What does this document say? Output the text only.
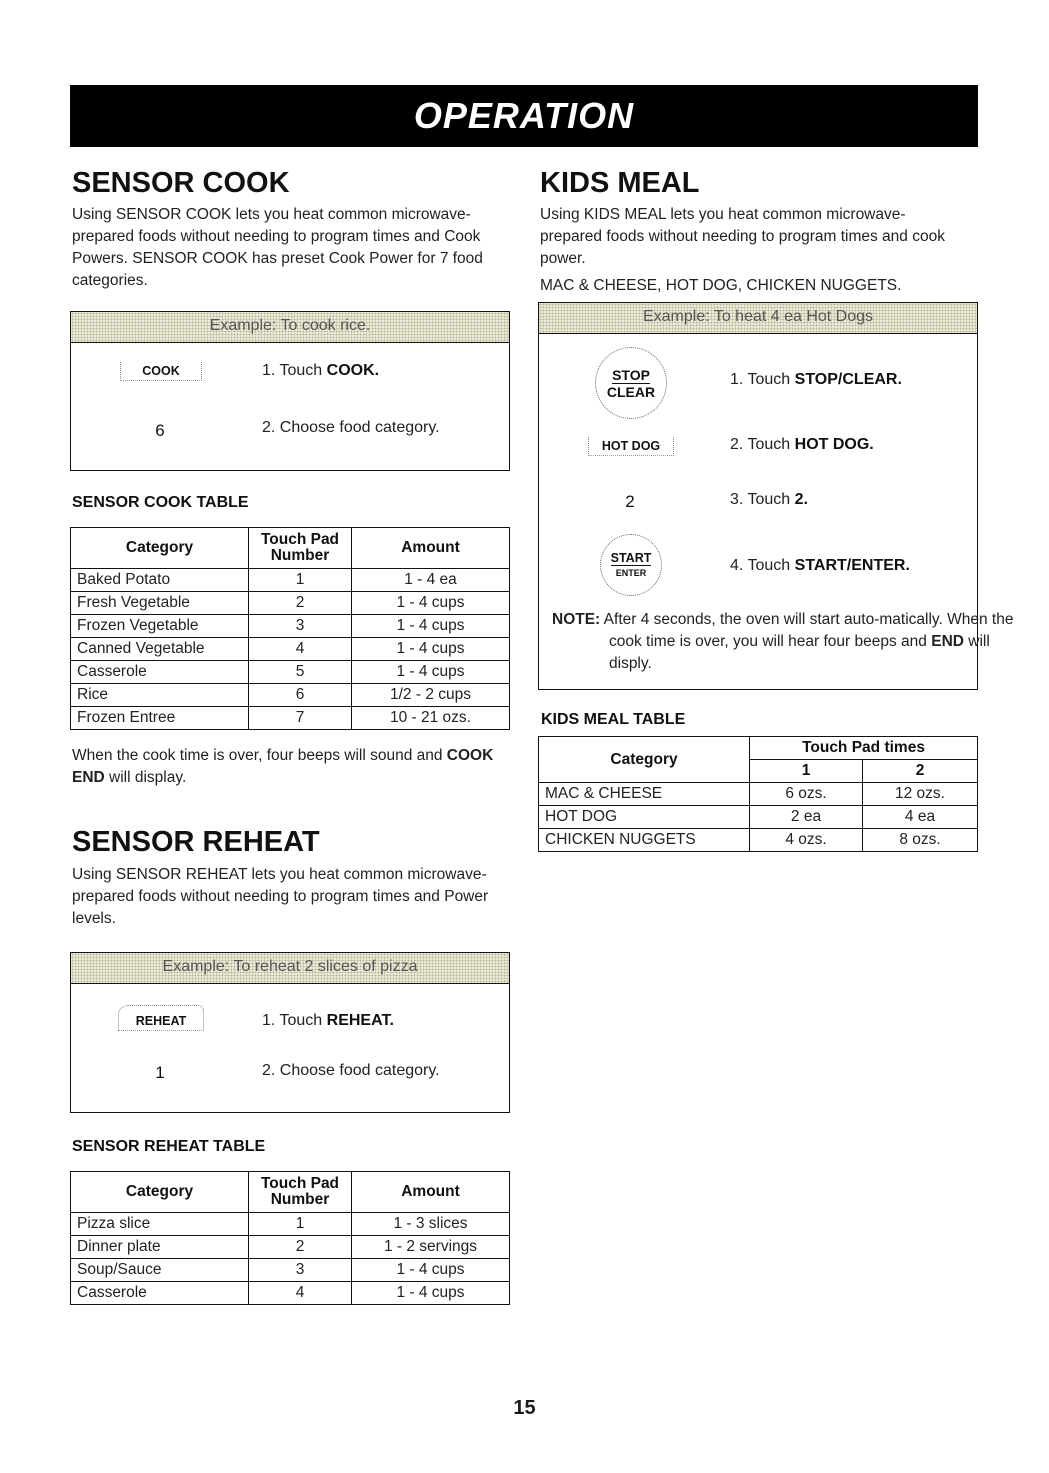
OPERATION
SENSOR COOK

Using SENSOR COOK lets you heat common microwave-prepared foods without needing to program times and Cook Powers. SENSOR COOK has preset Cook Power for 7 food categories.

Example: To cook rice.
COOK	1. Touch COOK.
6	2. Choose food category.
SENSOR COOK TABLE
Category	Touch Pad Number	Amount
Baked Potato	1	1 - 4 ea
Fresh Vegetable	2	1 - 4 cups
Frozen Vegetable	3	1 - 4 cups
Canned Vegetable	4	1 - 4 cups
Casserole	5	1 - 4 cups
Rice	6	1/2 - 2 cups
Frozen Entree	7	10 - 21 ozs.

When the cook time is over, four beeps will sound and COOK END will display.

SENSOR REHEAT

Using SENSOR REHEAT lets you heat common microwave-prepared foods without needing to program times and Power levels.

Example: To reheat 2 slices of pizza
REHEAT	1. Touch REHEAT.
1	2. Choose food category.
SENSOR REHEAT TABLE
Category	Touch Pad Number	Amount
Pizza slice	1	1 - 3 slices
Dinner plate	2	1 - 2 servings
Soup/Sauce	3	1 - 4 cups
Casserole	4	1 - 4 cups
KIDS MEAL

Using KIDS MEAL lets you heat common microwave-prepared foods without needing to program times and cook power.

MAC & CHEESE, HOT DOG, CHICKEN NUGGETS.

Example: To heat 4 ea Hot Dogs
STOP
CLEAR
1. Touch STOP/CLEAR.
HOT DOG	2. Touch HOT DOG.
2	3. Touch 2.
START
ENTER	4. Touch START/ENTER.
NOTE: After 4 seconds, the oven will start auto-matically. When the cook time is over, you will hear four beeps and END will disply.
KIDS MEAL TABLE
Category	Touch Pad times	
	1	2
MAC & CHEESE	6 ozs.	12 ozs.
HOT DOG	2 ea	4 ea
CHICKEN NUGGETS	4 ozs.	8 ozs.
15
